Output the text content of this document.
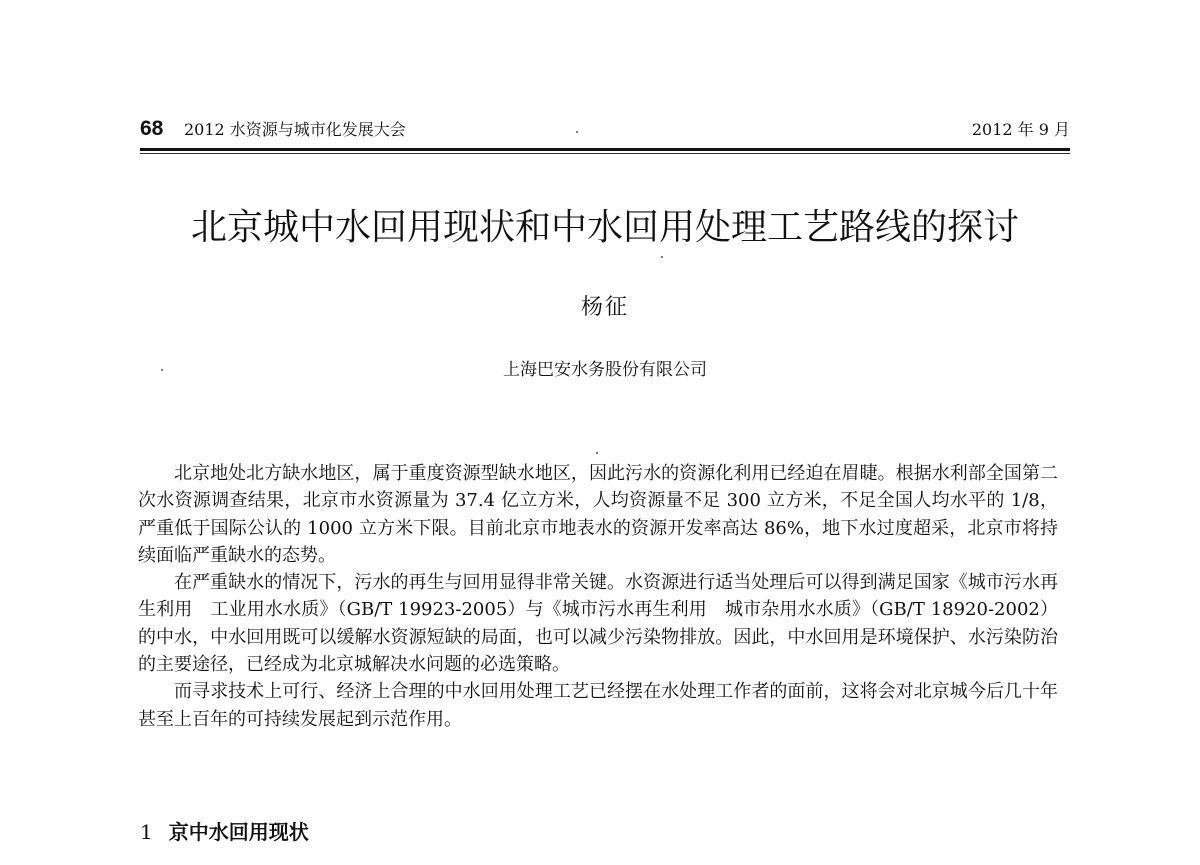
68 2012 水资源与城市化发展大会	2012 年 9 月
北京城中水回用现状和中水回用处理工艺路线的探讨
杨征
上海巴安水务股份有限公司

北京地处北方缺水地区，属于重度资源型缺水地区，因此污水的资源化利用已经迫在眉睫。根据水利部全国第二次水资源调查结果，北京市水资源量为 37.4 亿立方米，人均资源量不足 300 立方米，不足全国人均水平的 1/8，严重低于国际公认的 1000 立方米下限。目前北京市地表水的资源开发率高达 86%，地下水过度超采，北京市将持续面临严重缺水的态势。

在严重缺水的情况下，污水的再生与回用显得非常关键。水资源进行适当处理后可以得到满足国家《城市污水再生利用　工业用水水质》（GB/T 19923-2005）与《城市污水再生利用　城市杂用水水质》（GB/T 18920-2002）的中水，中水回用既可以缓解水资源短缺的局面，也可以减少污染物排放。因此，中水回用是环境保护、水污染防治的主要途径，已经成为北京城解决水问题的必选策略。

而寻求技术上可行、经济上合理的中水回用处理工艺已经摆在水处理工作者的面前，这将会对北京城今后几十年甚至上百年的可持续发展起到示范作用。

1 京中水回用现状
